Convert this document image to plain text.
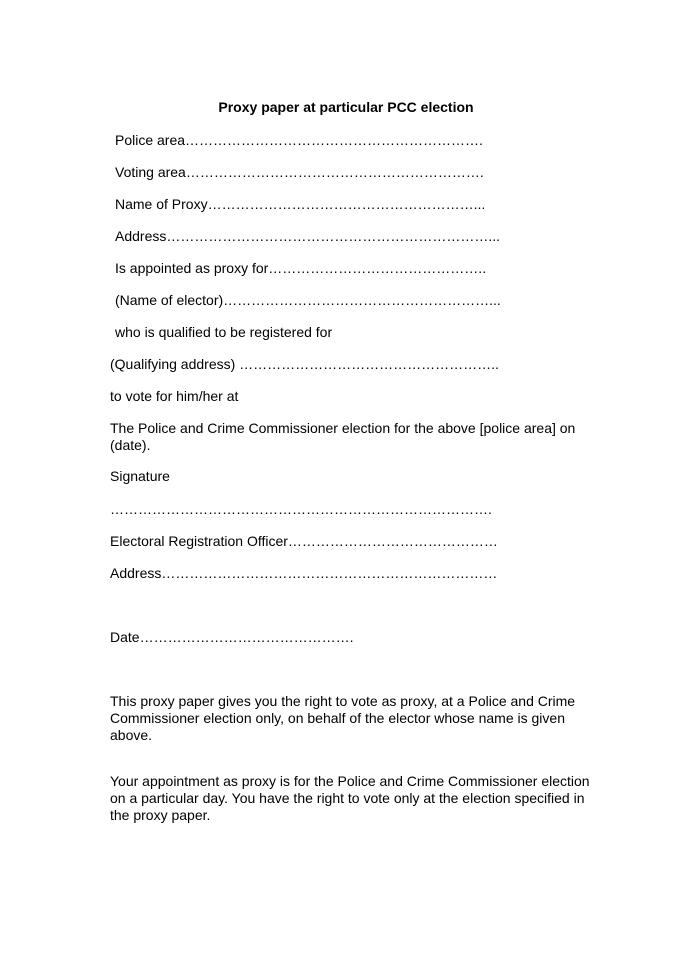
Proxy paper at particular PCC election
Police area……………………………………………………….
Voting area……………………………………………………….
Name of Proxy…………………………………………………...
Address……………………………………………………………...
Is appointed as proxy for………………………………………..
(Name of elector)…………………………………………………...
who is qualified to be registered for
(Qualifying address) ………………………………………………..
to vote for him/her at
The Police and Crime Commissioner election for the above [police area] on (date).
Signature
……………………………………………………………………….
Electoral Registration Officer………………………………………
Address………………………………………………………………
Date……………………………………….
This proxy paper gives you the right to vote as proxy, at a Police and Crime Commissioner election only, on behalf of the elector whose name is given above.
Your appointment as proxy is for the Police and Crime Commissioner election on a particular day. You have the right to vote only at the election specified in the proxy paper.
